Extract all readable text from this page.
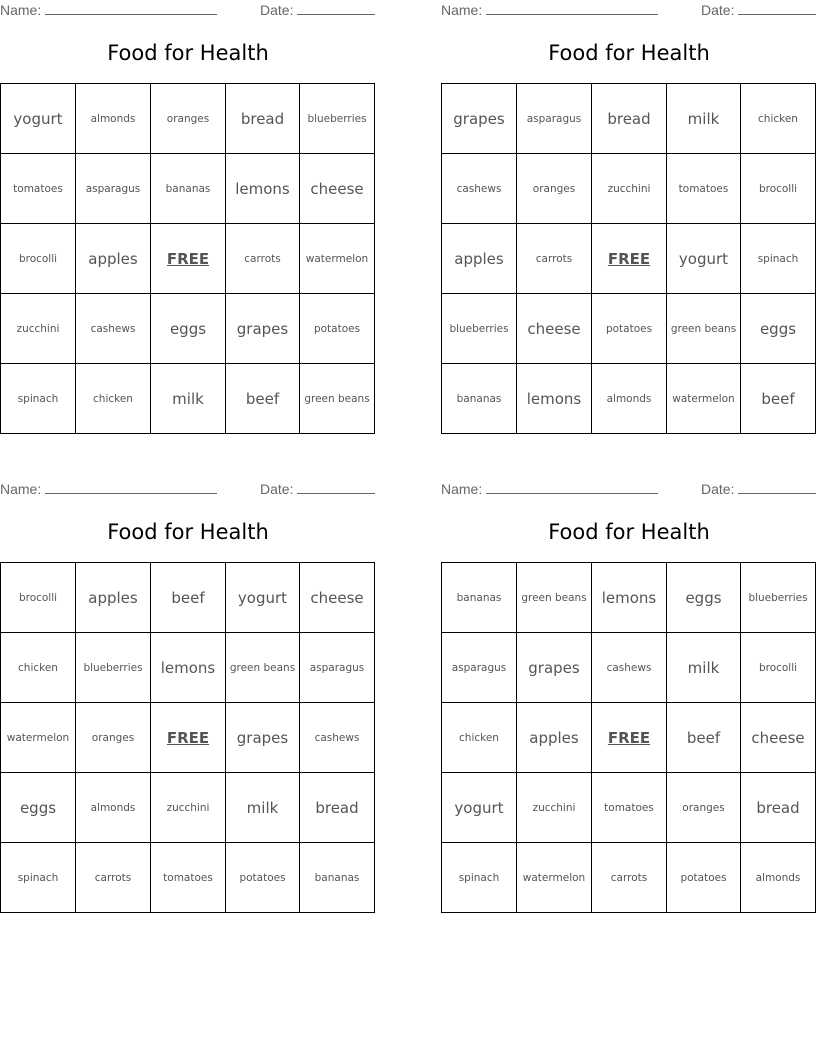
Name:	Date:
Food for Health
yogurt	almonds	oranges	bread	blueberries
tomatoes	asparagus	bananas	lemons	cheese
brocolli	apples	FREE	carrots	watermelon
zucchini	cashews	eggs	grapes	potatoes
spinach	chicken	milk	beef	green beans
Name:	Date:
Food for Health
grapes	asparagus	bread	milk	chicken
cashews	oranges	zucchini	tomatoes	brocolli
apples	carrots	FREE	yogurt	spinach
blueberries	cheese	potatoes	green beans	eggs
bananas	lemons	almonds	watermelon	beef
Name:	Date:
Food for Health
brocolli	apples	beef	yogurt	cheese
chicken	blueberries	lemons	green beans	asparagus
watermelon	oranges	FREE	grapes	cashews
eggs	almonds	zucchini	milk	bread
spinach	carrots	tomatoes	potatoes	bananas
Name:	Date:
Food for Health
bananas	green beans	lemons	eggs	blueberries
asparagus	grapes	cashews	milk	brocolli
chicken	apples	FREE	beef	cheese
yogurt	zucchini	tomatoes	oranges	bread
spinach	watermelon	carrots	potatoes	almonds
